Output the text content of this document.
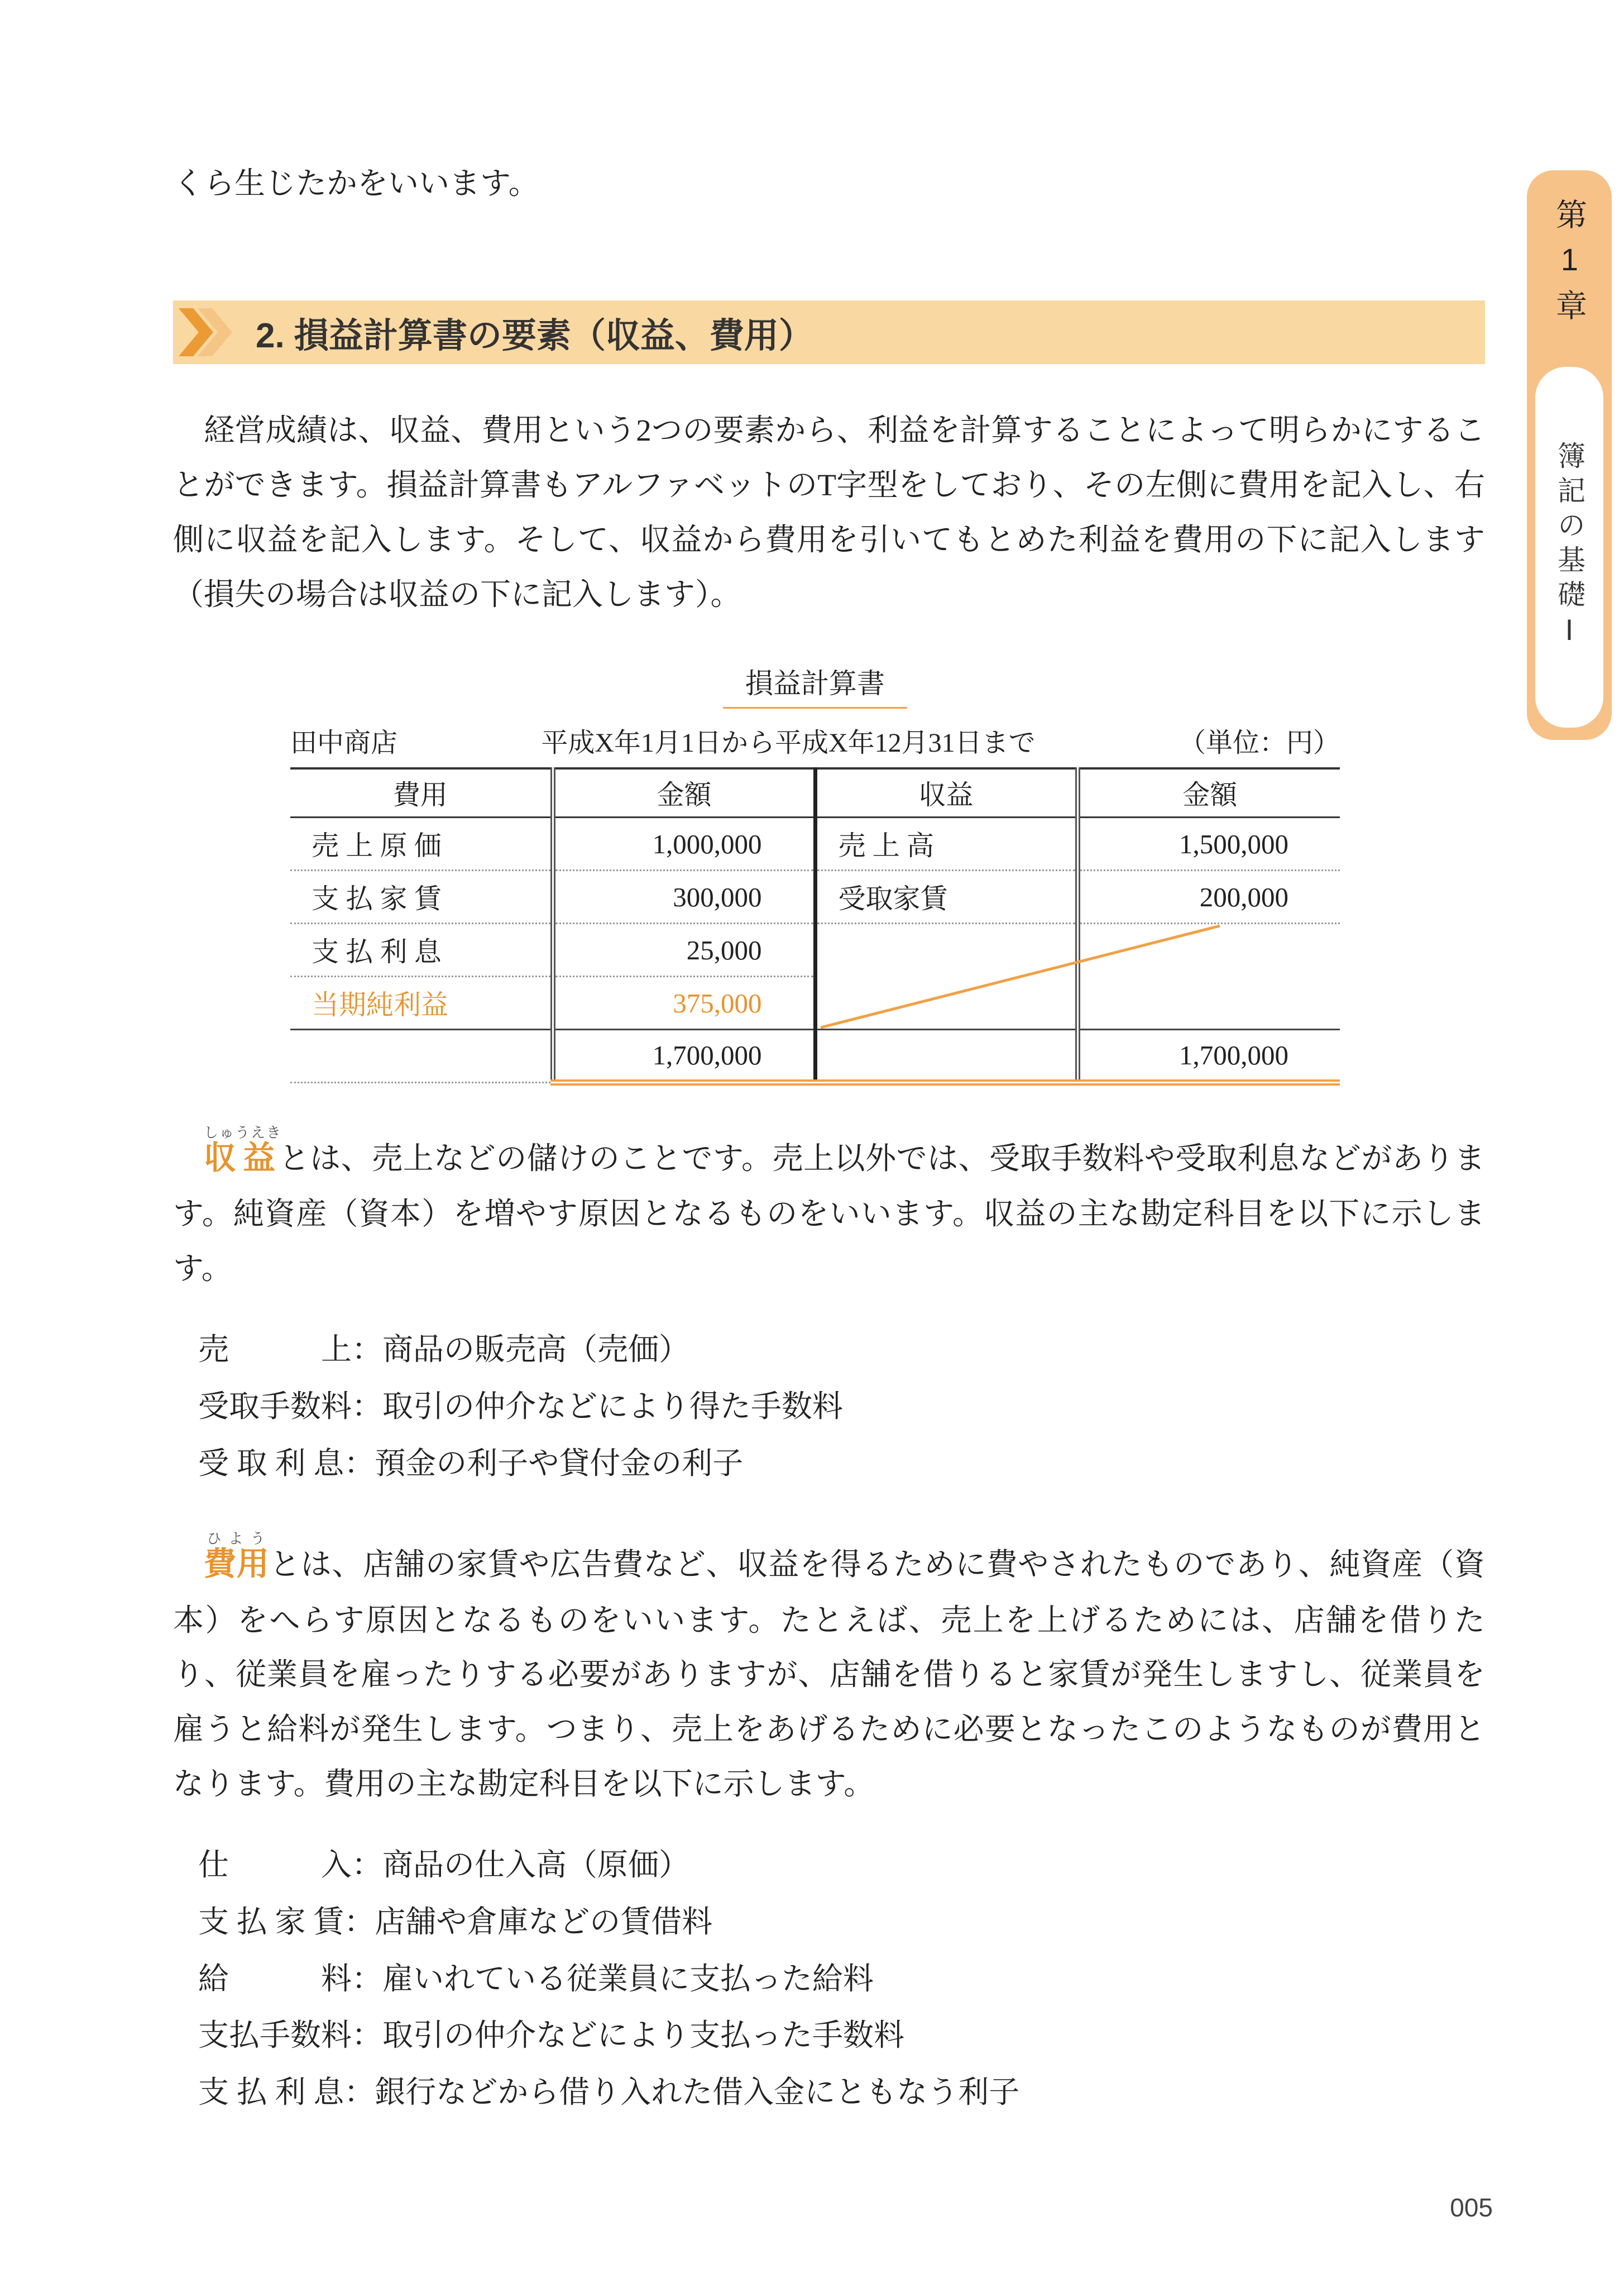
第1章
簿記の基礎Ⅰ

くら生じたかをいいます。

2. 損益計算書の要素（収益、費用）

経営成績は、収益、費用という2つの要素から、利益を計算することによって明らかにすることができます。損益計算書もアルファベットのT字型をしており、その左側に費用を記入し、右側に収益を記入します。そして、収益から費用を引いてもとめた利益を費用の下に記入します（損失の場合は収益の下に記入します）。

損益計算書
田中商店	平成X年1月1日から平成X年12月31日まで	（単位：円）
費用	金額	収益	金額
売 上 原 価	1,000,000	売 上 高	1,500,000
支 払 家 賃	300,000	受取家賃	200,000
支 払 利 息	25,000		
当期純利益	375,000		
	1,700,000		1,700,000

収益しゅうえきとは、売上などの儲けのことです。売上以外では、受取手数料や受取利息などがあります。純資産（資本）を増やす原因となるものをいいます。収益の主な勘定科目を以下に示します。

売　　　上：商品の販売高（売価）
受取手数料：取引の仲介などにより得た手数料
受 取 利 息：預金の利子や貸付金の利子

費用ひようとは、店舗の家賃や広告費など、収益を得るために費やされたものであり、純資産（資本）をへらす原因となるものをいいます。たとえば、売上を上げるためには、店舗を借りたり、従業員を雇ったりする必要がありますが、店舗を借りると家賃が発生しますし、従業員を雇うと給料が発生します。つまり、売上をあげるために必要となったこのようなものが費用となります。費用の主な勘定科目を以下に示します。

仕　　　入：商品の仕入高（原価）
支 払 家 賃：店舗や倉庫などの賃借料
給　　　料：雇いれている従業員に支払った給料
支払手数料：取引の仲介などにより支払った手数料
支 払 利 息：銀行などから借り入れた借入金にともなう利子
005
